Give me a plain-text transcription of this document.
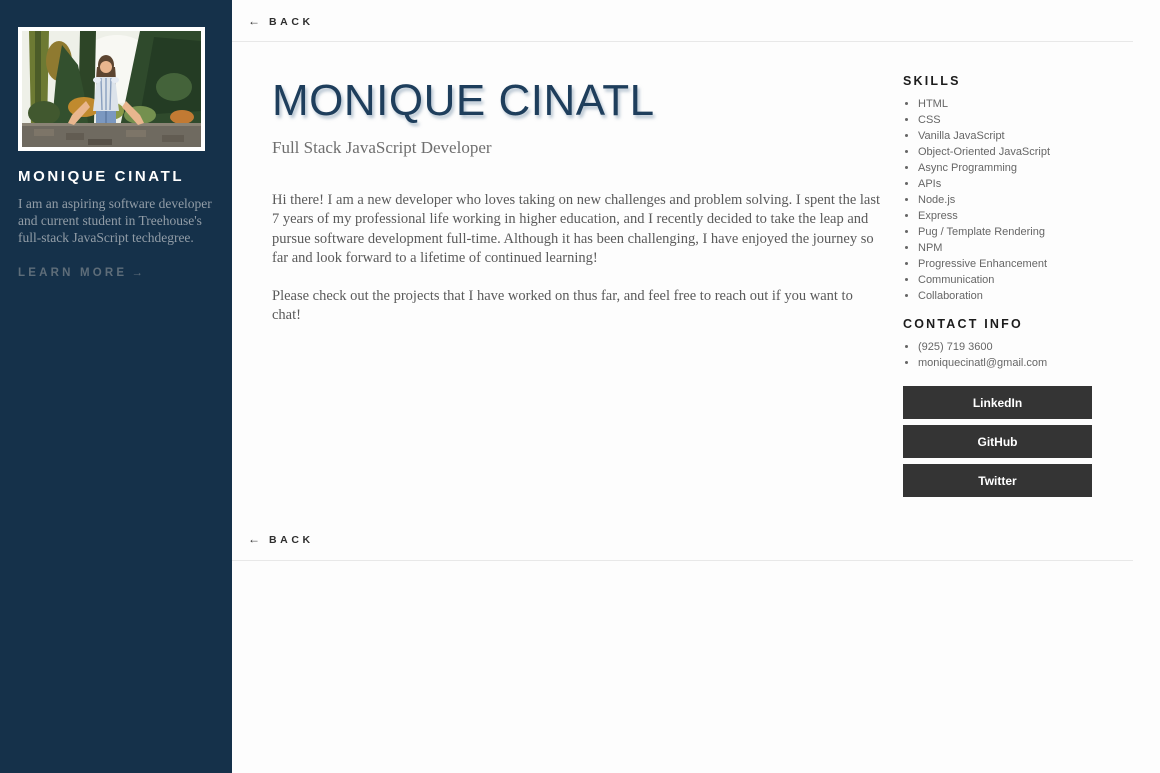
MONIQUE CINATL

I am an aspiring software developer and current student in Treehouse's full-stack JavaScript techdegree.

LEARN MORE →
← BACK
MONIQUE CINATL
Full Stack JavaScript Developer

Hi there! I am a new developer who loves taking on new challenges and problem solving. I spent the last 7 years of my professional life working in higher education, and I recently decided to take the leap and pursue software development full-time. Although it has been challenging, I have enjoyed the journey so far and look forward to a lifetime of continued learning!

Please check out the projects that I have worked on thus far, and feel free to reach out if you want to chat!

SKILLS
• HTML
• CSS
• Vanilla JavaScript
• Object-Oriented JavaScript
• Async Programming
• APIs
• Node.js
• Express
• Pug / Template Rendering
• NPM
• Progressive Enhancement
• Communication
• Collaboration
CONTACT INFO
• (925) 719 3600
• moniquecinatl@gmail.com
LinkedIn
GitHub
Twitter
← BACK
